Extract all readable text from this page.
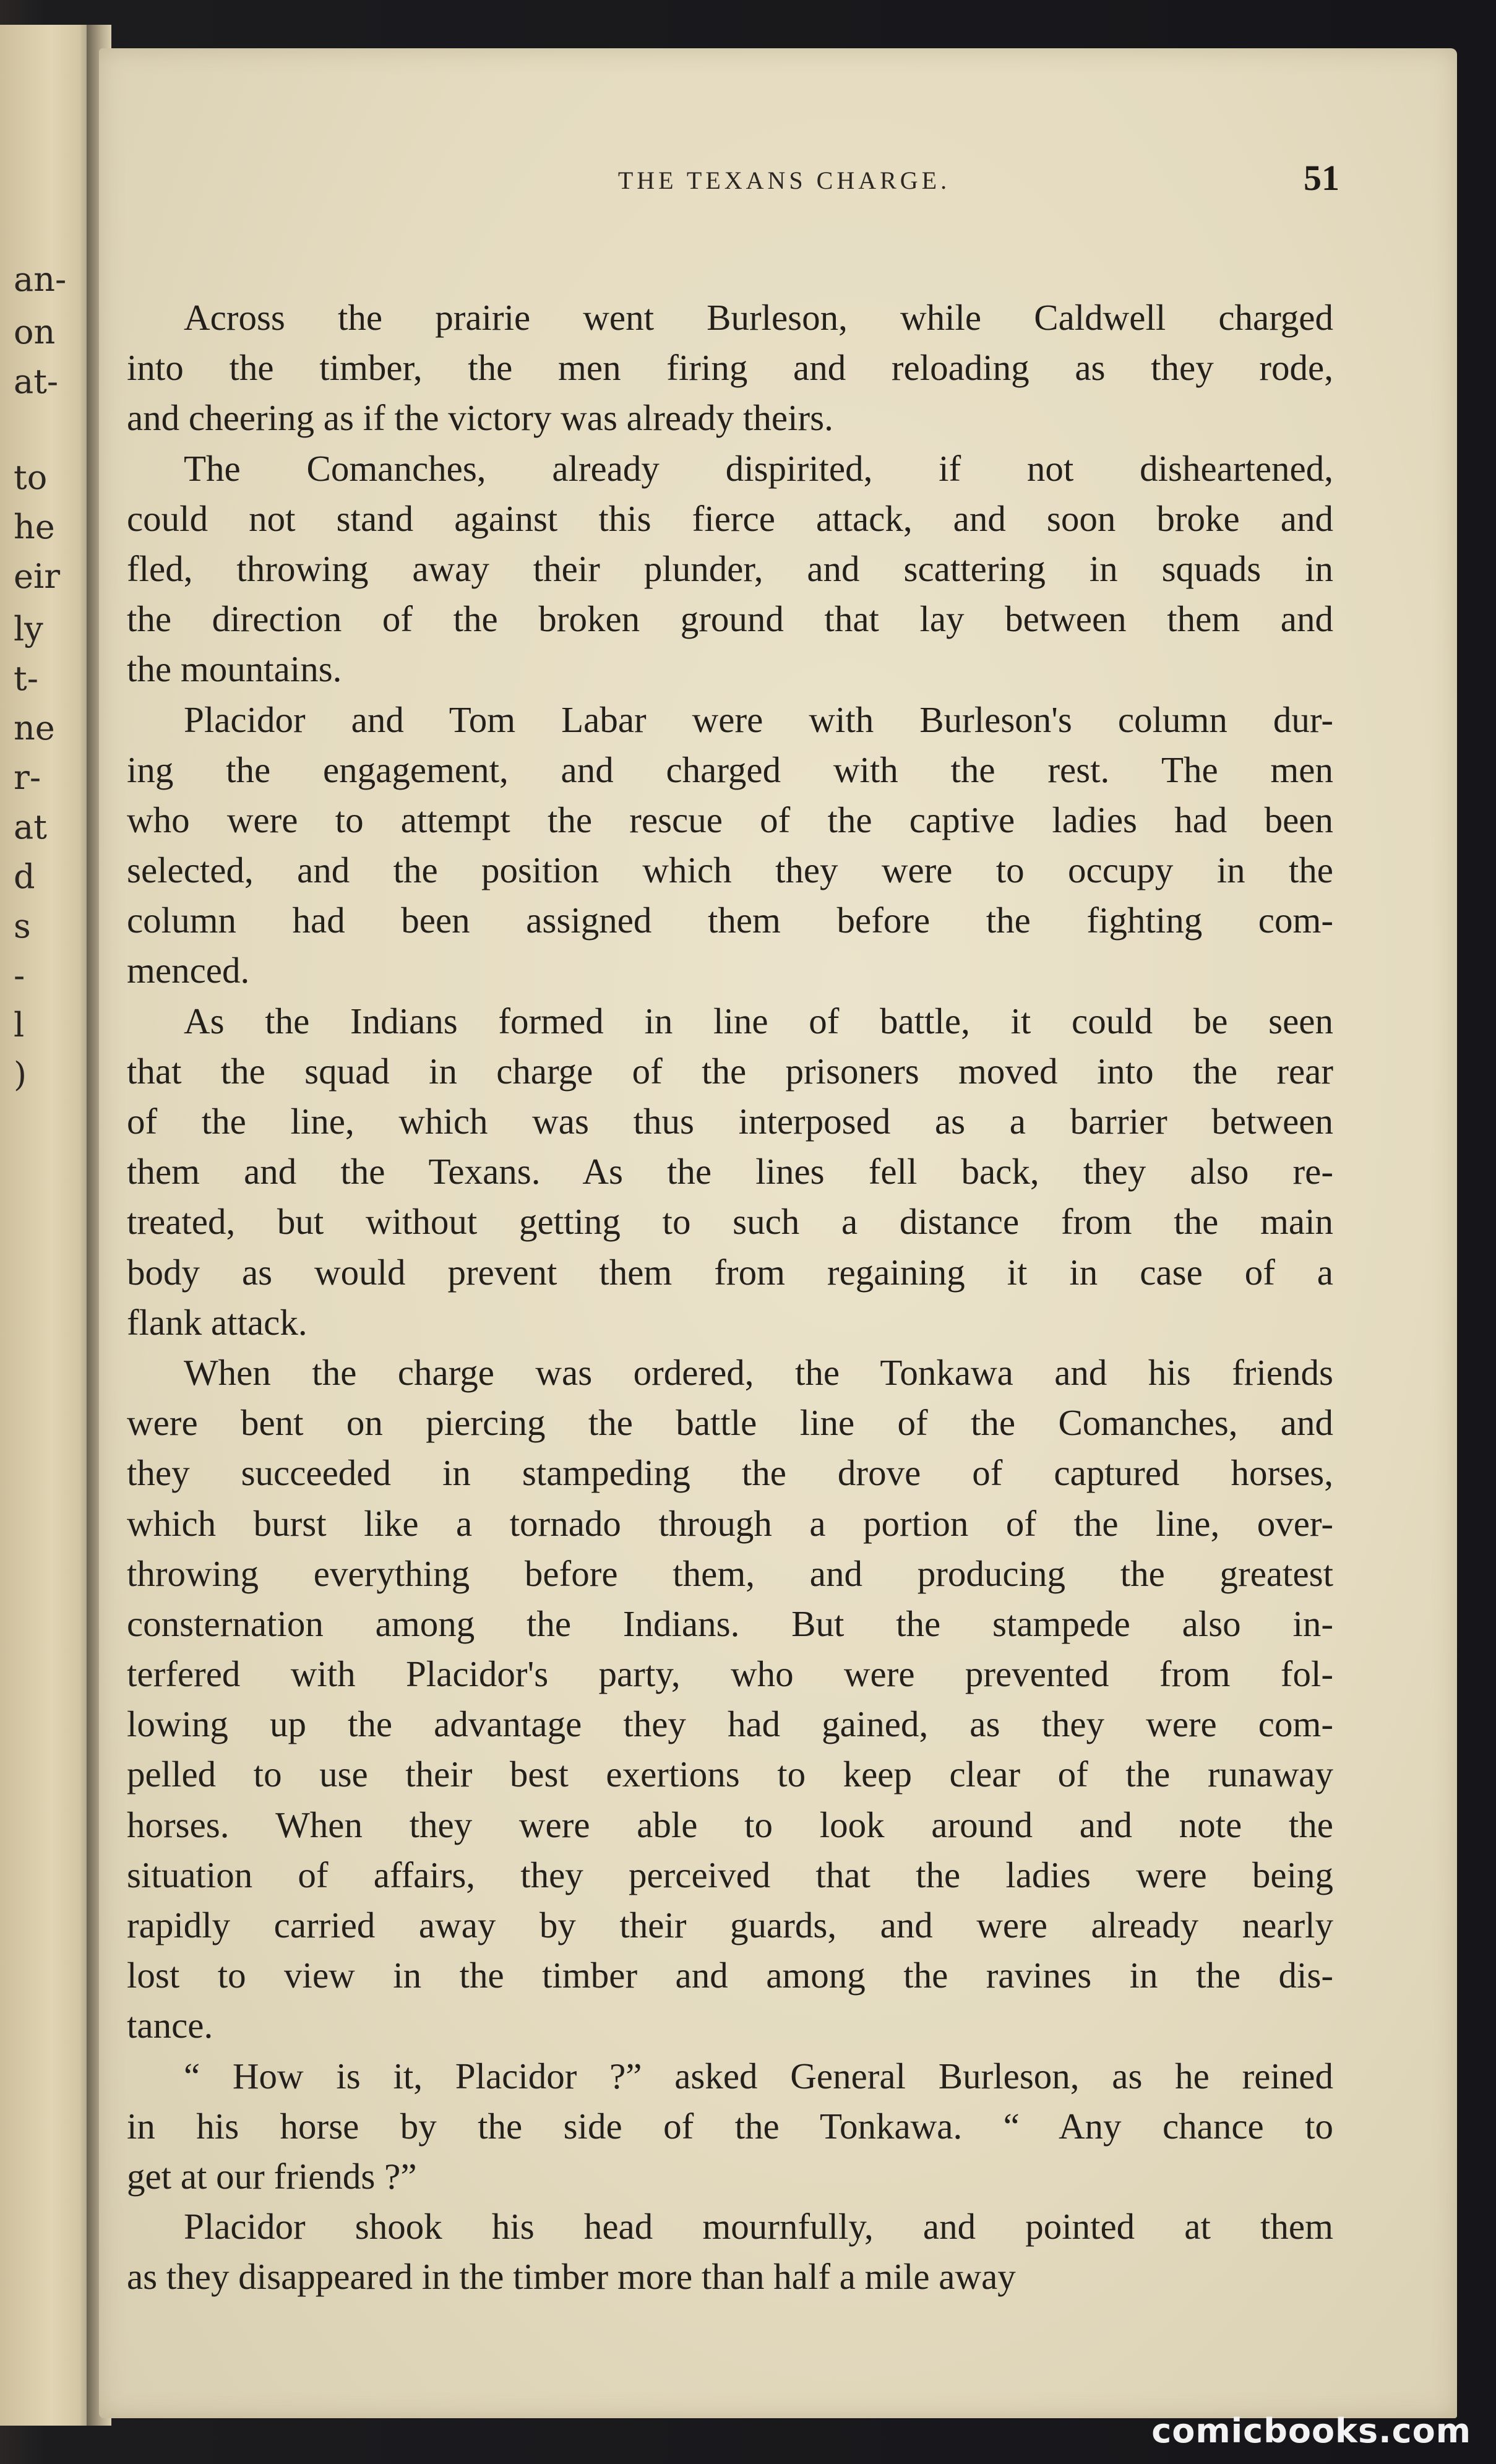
an-
on
at-
to
he
eir
ly
t-
ne
r-
at
d
s
-
l
)
THE TEXANS CHARGE.	51
Across the prairie went Burleson, while Caldwell charged
into the timber, the men firing and reloading as they rode,
and cheering as if the victory was already theirs.
The Comanches, already dispirited, if not disheartened,
could not stand against this fierce attack, and soon broke and
fled, throwing away their plunder, and scattering in squads in
the direction of the broken ground that lay between them and
the mountains.
Placidor and Tom Labar were with Burleson's column dur-
ing the engagement, and charged with the rest. The men
who were to attempt the rescue of the captive ladies had been
selected, and the position which they were to occupy in the
column had been assigned them before the fighting com-
menced.
As the Indians formed in line of battle, it could be seen
that the squad in charge of the prisoners moved into the rear
of the line, which was thus interposed as a barrier between
them and the Texans. As the lines fell back, they also re-
treated, but without getting to such a distance from the main
body as would prevent them from regaining it in case of a
flank attack.
When the charge was ordered, the Tonkawa and his friends
were bent on piercing the battle line of the Comanches, and
they succeeded in stampeding the drove of captured horses,
which burst like a tornado through a portion of the line, over-
throwing everything before them, and producing the greatest
consternation among the Indians. But the stampede also in-
terfered with Placidor's party, who were prevented from fol-
lowing up the advantage they had gained, as they were com-
pelled to use their best exertions to keep clear of the runaway
horses. When they were able to look around and note the
situation of affairs, they perceived that the ladies were being
rapidly carried away by their guards, and were already nearly
lost to view in the timber and among the ravines in the dis-
tance.
“ How is it, Placidor ?” asked General Burleson, as he reined
in his horse by the side of the Tonkawa. “ Any chance to
get at our friends ?”
Placidor shook his head mournfully, and pointed at them
as they disappeared in the timber more than half a mile away
comicbooks.com
